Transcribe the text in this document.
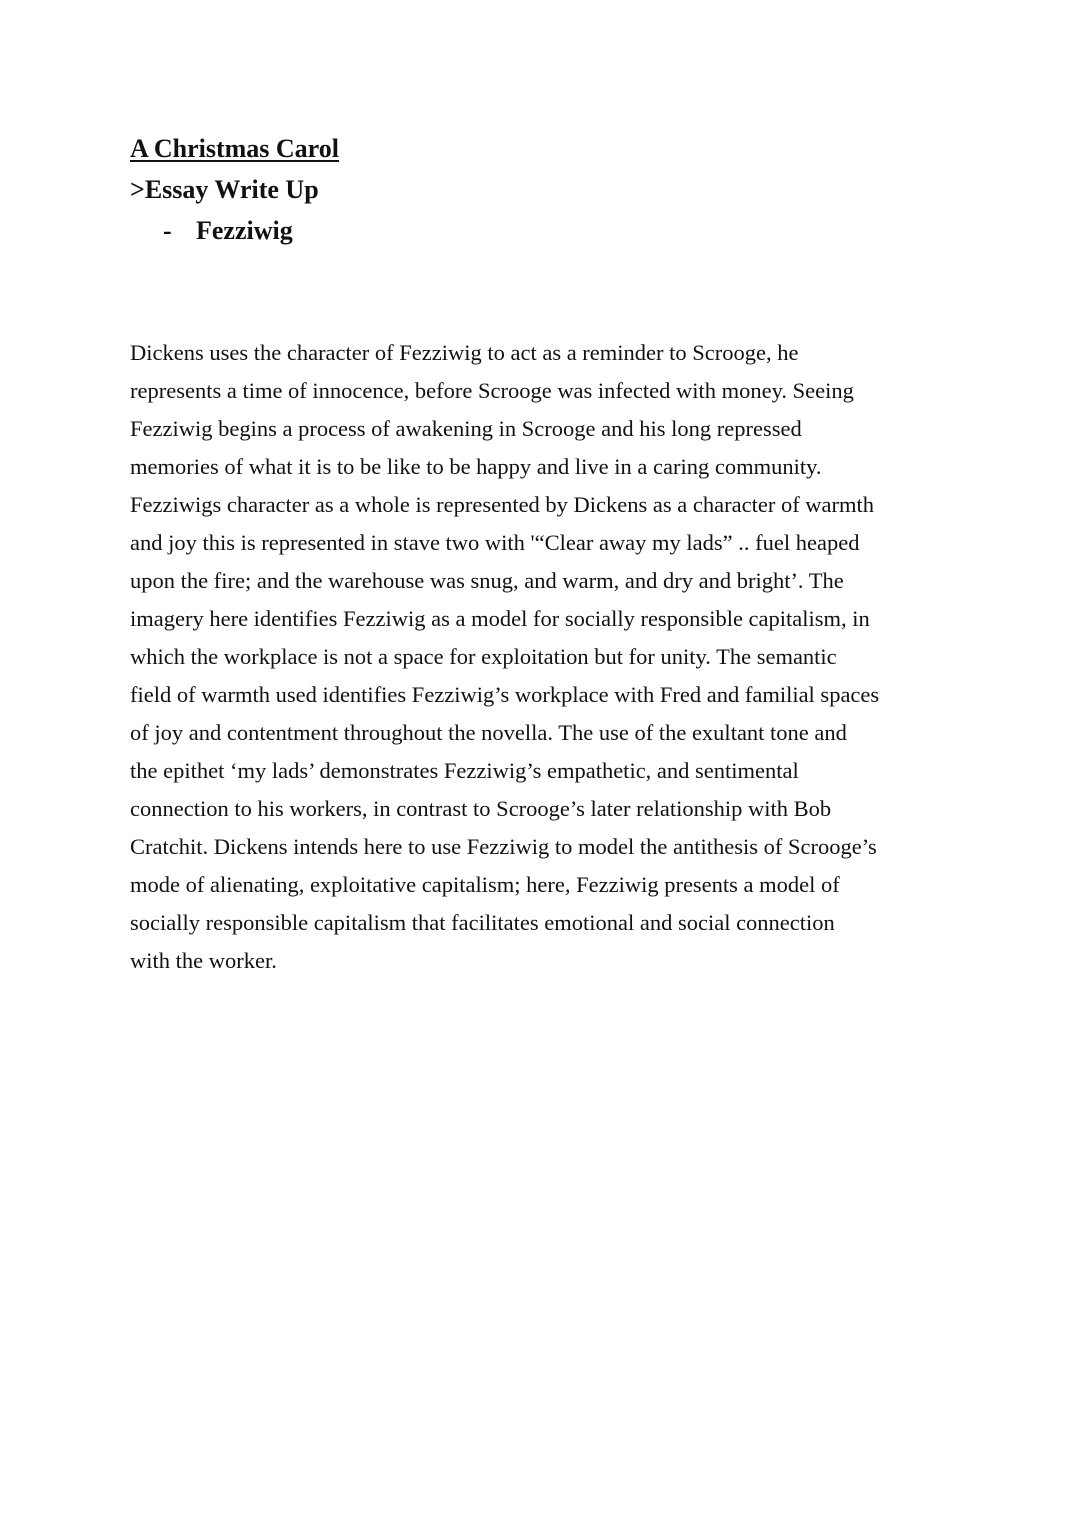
A Christmas Carol
>Essay Write Up
- Fezziwig
Dickens uses the character of Fezziwig to act as a reminder to Scrooge, he
represents a time of innocence, before Scrooge was infected with money. Seeing
Fezziwig begins a process of awakening in Scrooge and his long repressed
memories of what it is to be like to be happy and live in a caring community.
Fezziwigs character as a whole is represented by Dickens as a character of warmth
and joy this is represented in stave two with '“Clear away my lads” .. fuel heaped
upon the fire; and the warehouse was snug, and warm, and dry and bright’. The
imagery here identifies Fezziwig as a model for socially responsible capitalism, in
which the workplace is not a space for exploitation but for unity. The semantic
field of warmth used identifies Fezziwig’s workplace with Fred and familial spaces
of joy and contentment throughout the novella. The use of the exultant tone and
the epithet ‘my lads’ demonstrates Fezziwig’s empathetic, and sentimental
connection to his workers, in contrast to Scrooge’s later relationship with Bob
Cratchit. Dickens intends here to use Fezziwig to model the antithesis of Scrooge’s
mode of alienating, exploitative capitalism; here, Fezziwig presents a model of
socially responsible capitalism that facilitates emotional and social connection
with the worker.
